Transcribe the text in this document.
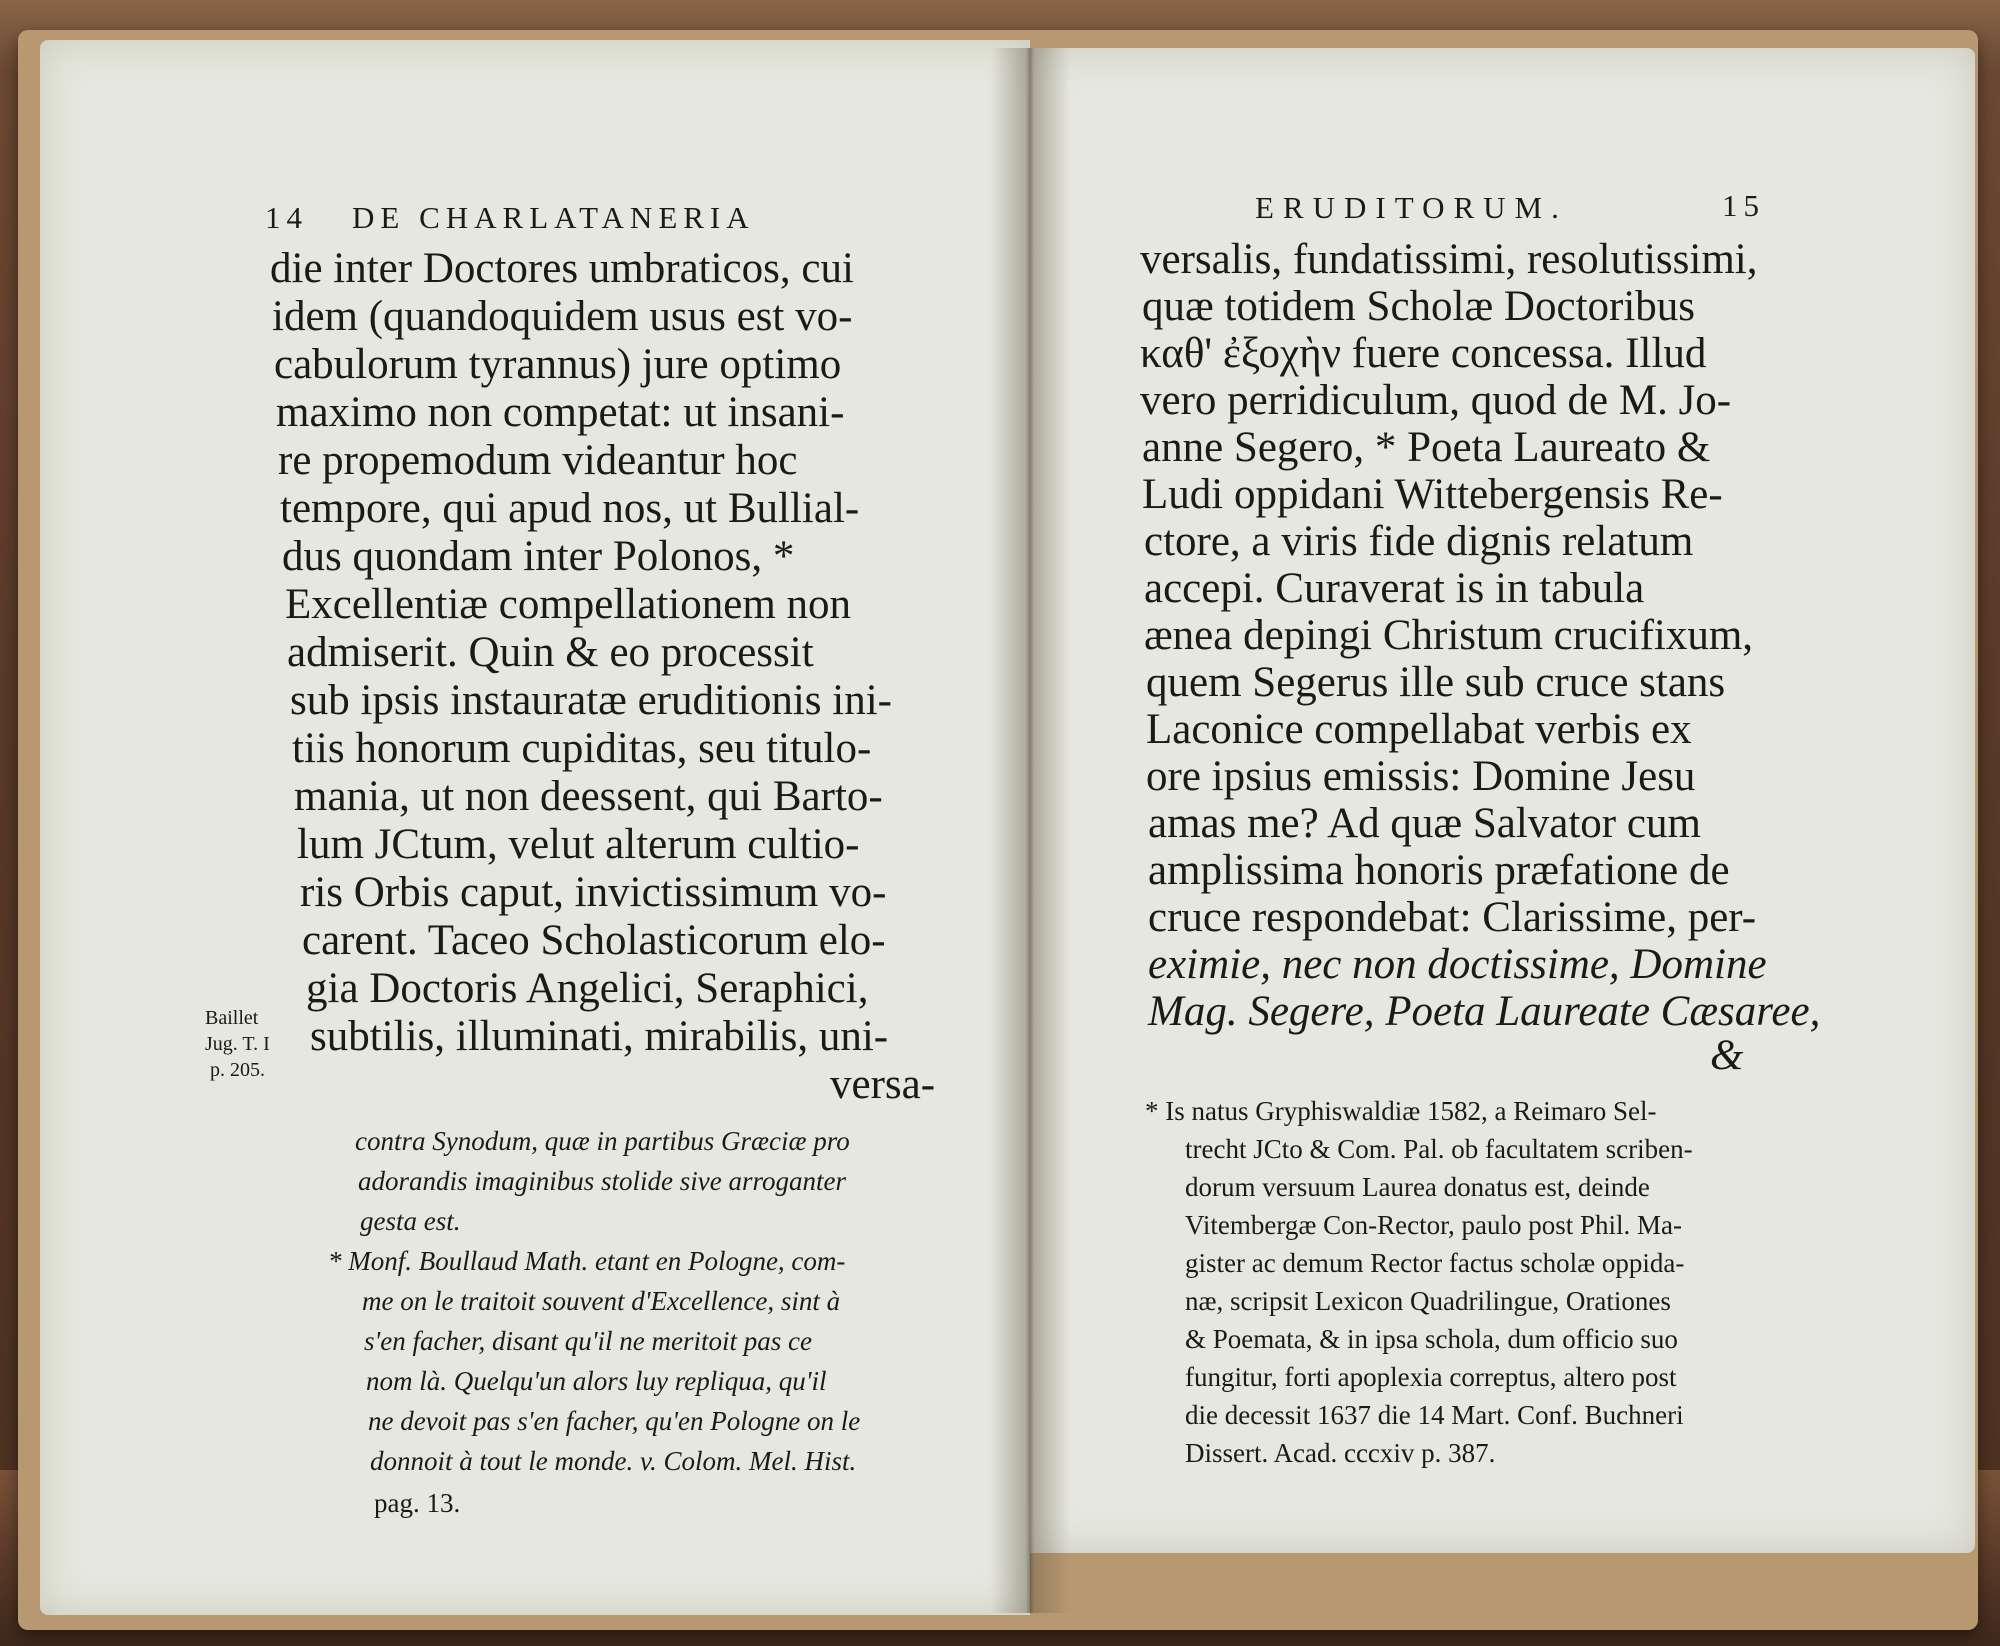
14 DE CHARLATANERIA
die inter Doctores umbraticos, cui
idem (quandoquidem usus est vo-
cabulorum tyrannus) jure optimo
maximo non competat: ut insani-
re propemodum videantur hoc
tempore, qui apud nos, ut Bullial-
dus quondam inter Polonos, *
Excellentiæ compellationem non
admiserit. Quin & eo processit
sub ipsis instauratæ eruditionis ini-
tiis honorum cupiditas, seu titulo-
mania, ut non deessent, qui Barto-
lum JCtum, velut alterum cultio-
ris Orbis caput, invictissimum vo-
carent. Taceo Scholasticorum elo-
gia Doctoris Angelici, Seraphici,
subtilis, illuminati, mirabilis, uni-
versa-
Baillet
Jug. T. I
p. 205.
contra Synodum, quæ in partibus Græciæ pro
adorandis imaginibus stolide sive arroganter
gesta est.
* Monf. Boullaud Math. etant en Pologne, com-
me on le traitoit souvent d'Excellence, sint à
s'en facher, disant qu'il ne meritoit pas ce
nom là. Quelqu'un alors luy repliqua, qu'il
ne devoit pas s'en facher, qu'en Pologne on le
donnoit à tout le monde. v. Colom. Mel. Hist.
pag. 13.
ERUDITORUM.	15
versalis, fundatissimi, resolutissimi,
quæ totidem Scholæ Doctoribus
καθ' ἐξοχὴν fuere concessa. Illud
vero perridiculum, quod de M. Jo-
anne Segero, * Poeta Laureato &
Ludi oppidani Wittebergensis Re-
ctore, a viris fide dignis relatum
accepi. Curaverat is in tabula
ænea depingi Christum crucifixum,
quem Segerus ille sub cruce stans
Laconice compellabat verbis ex
ore ipsius emissis: Domine Jesu
amas me? Ad quæ Salvator cum
amplissima honoris præfatione de
cruce respondebat: Clarissime, per-
eximie, nec non doctissime, Domine
Mag. Segere, Poeta Laureate Cæsaree,
&
* Is natus Gryphiswaldiæ 1582, a Reimaro Sel-
trecht JCto & Com. Pal. ob facultatem scriben-
dorum versuum Laurea donatus est, deinde
Vitembergæ Con-Rector, paulo post Phil. Ma-
gister ac demum Rector factus scholæ oppida-
næ, scripsit Lexicon Quadrilingue, Orationes
& Poemata, & in ipsa schola, dum officio suo
fungitur, forti apoplexia correptus, altero post
die decessit 1637 die 14 Mart. Conf. Buchneri
Dissert. Acad. cccxiv p. 387.
